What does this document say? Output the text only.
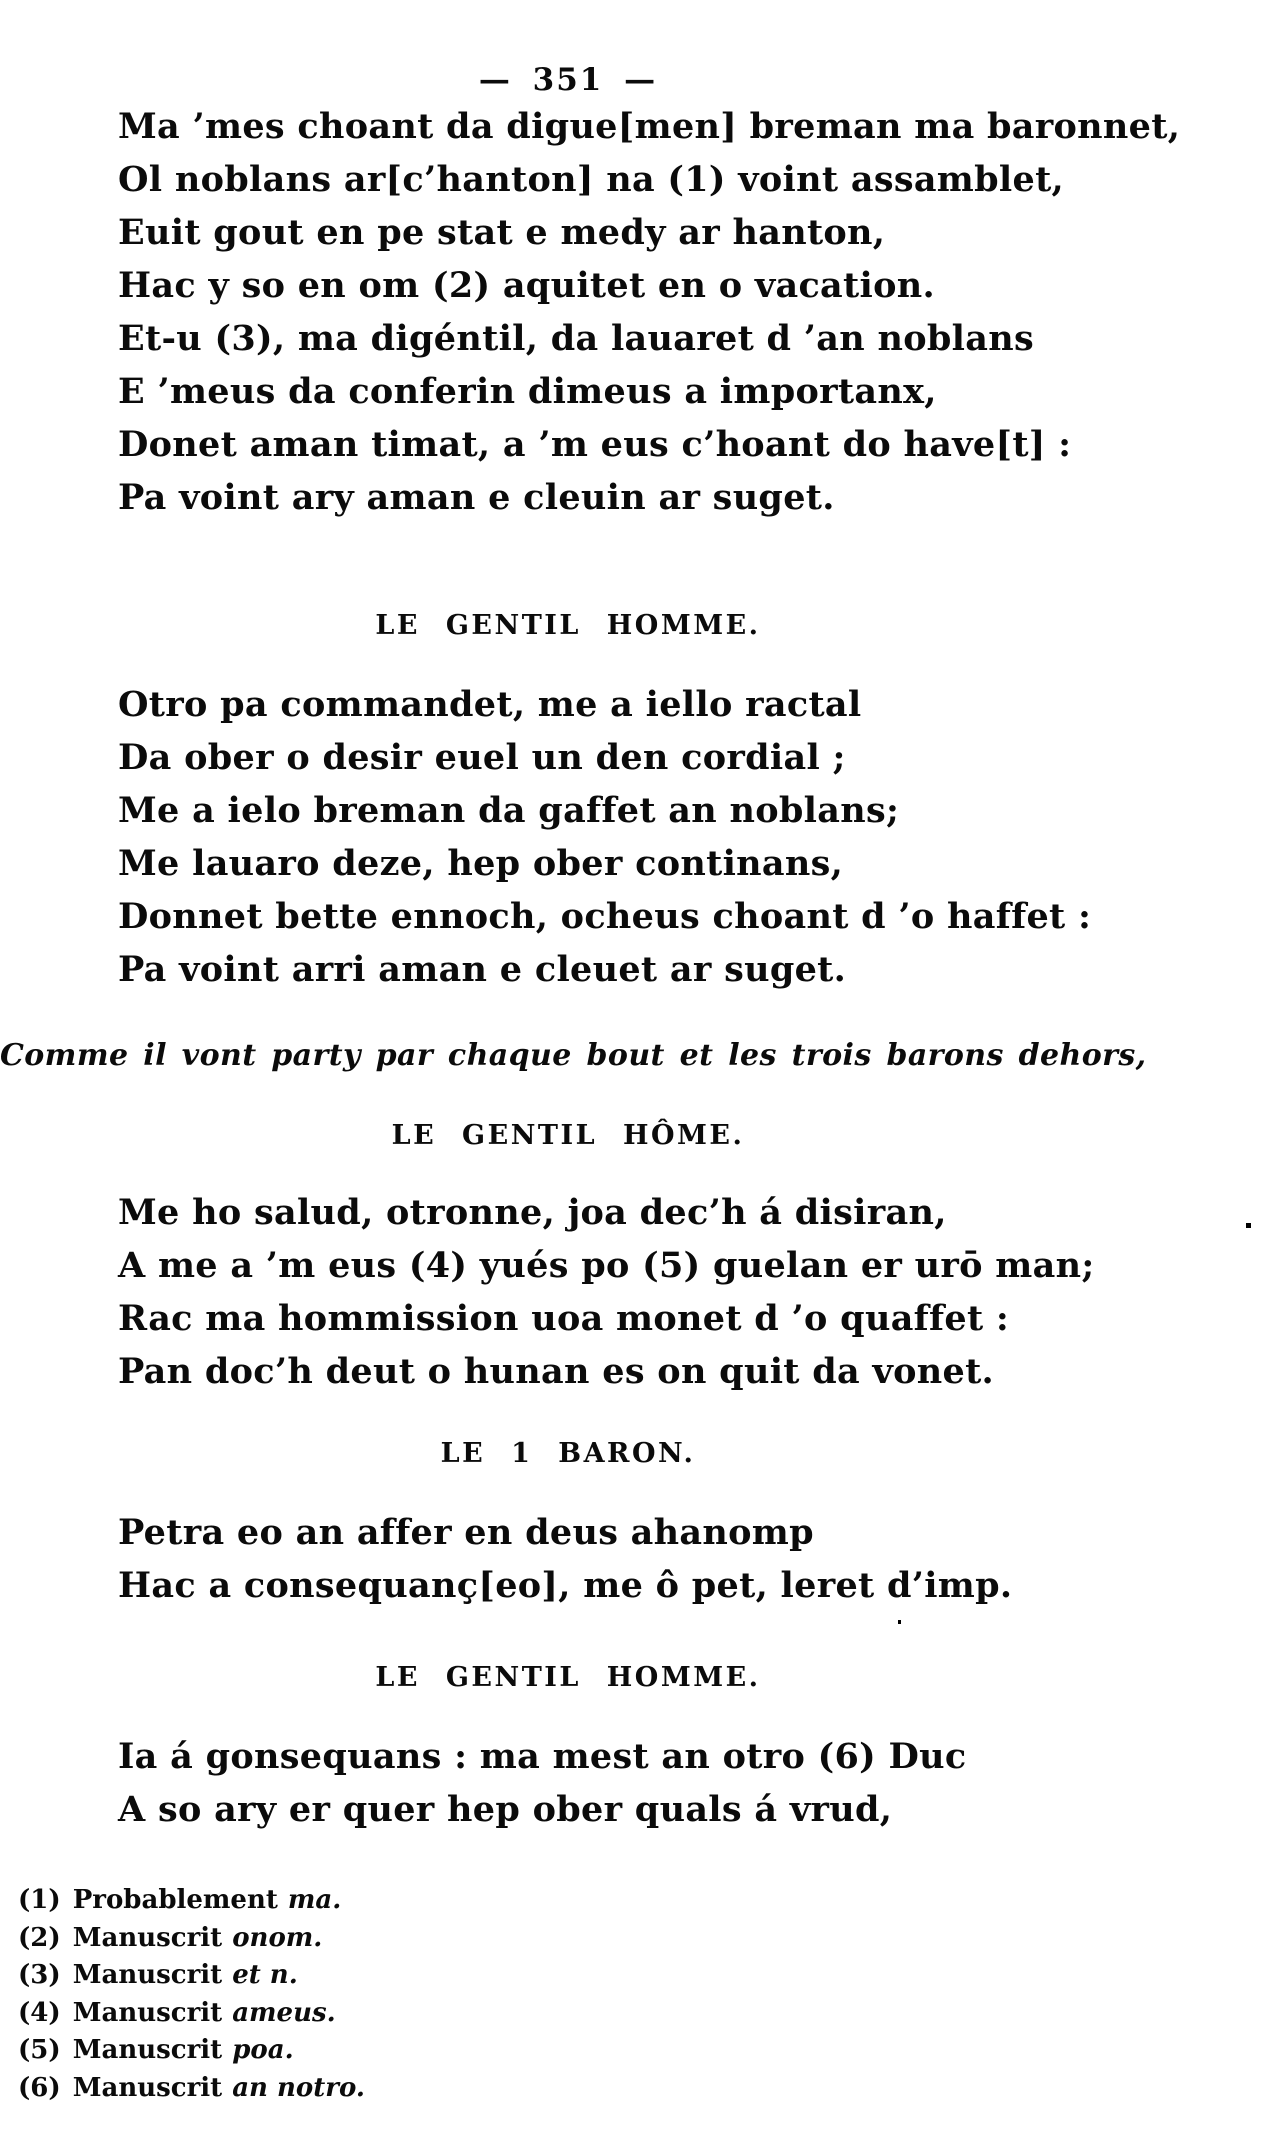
— 351 —
Ma ’mes choant da digue[men] breman ma baronnet,
Ol noblans ar[c’hanton] na (1) voint assamblet,
Euit gout en pe stat e medy ar hanton,
Hac y so en om (2) aquitet en o vacation.
Et-u (3), ma digéntil, da lauaret d ’an noblans
E ’meus da conferin dimeus a importanx,
Donet aman timat, a ’m eus c’hoant do have[t] :
Pa voint ary aman e cleuin ar suget.
LE GENTIL HOMME.
Otro pa commandet, me a iello ractal
Da ober o desir euel un den cordial ;
Me a ielo breman da gaffet an noblans;
Me lauaro deze, hep ober continans,
Donnet bette ennoch, ocheus choant d ’o haffet :
Pa voint arri aman e cleuet ar suget.
Comme il vont party par chaque bout et les trois barons dehors,
LE GENTIL HÔME.
Me ho salud, otronne, joa dec’h á disiran,
A me a ’m eus (4) yués po (5) guelan er urō man;
Rac ma hommission uoa monet d ’o quaffet :
Pan doc’h deut o hunan es on quit da vonet.
LE 1 BARON.
Petra eo an affer en deus ahanomp
Hac a consequanç[eo], me ô pet, leret d’imp.
LE GENTIL HOMME.
Ia á gonsequans : ma mest an otro (6) Duc
A so ary er quer hep ober quals á vrud,
(1) Probablement ma.
(2) Manuscrit onom.
(3) Manuscrit et n.
(4) Manuscrit ameus.
(5) Manuscrit poa.
(6) Manuscrit an notro.
